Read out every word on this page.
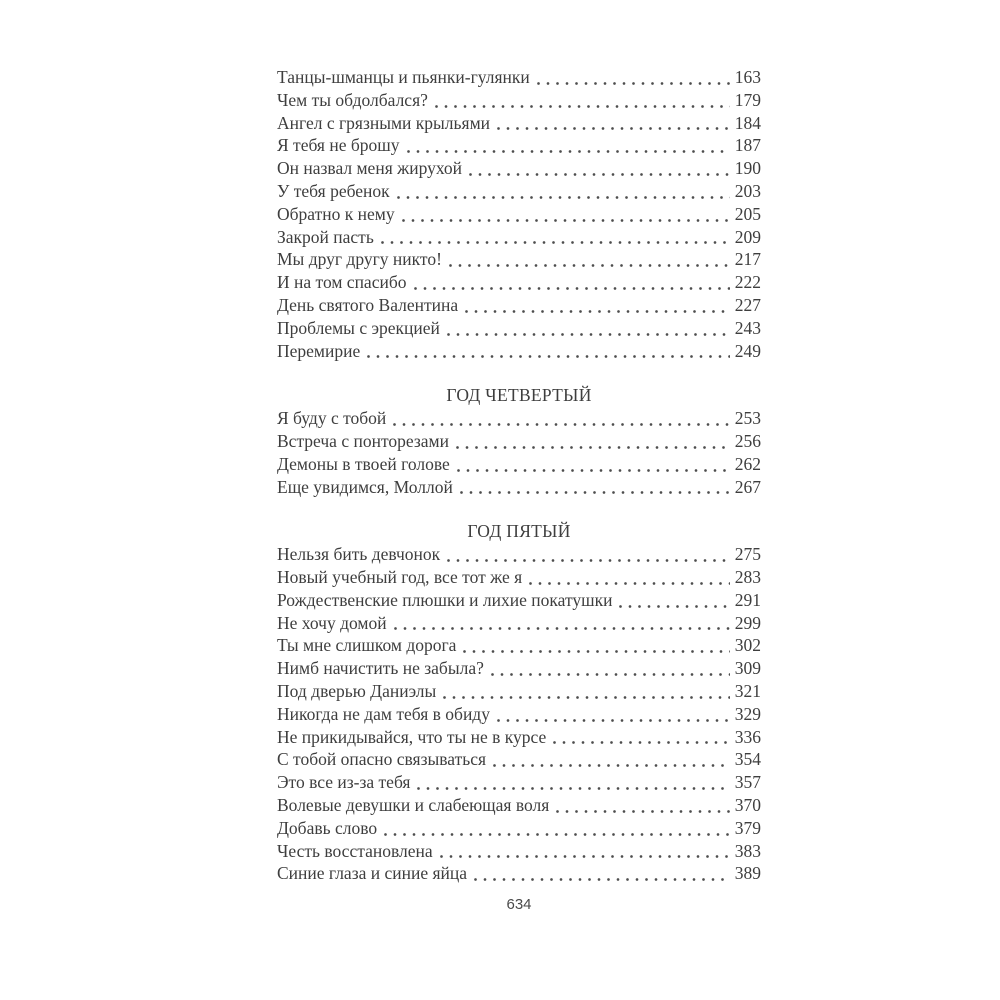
Танцы-шманцы и пьянки-гулянки	163
Чем ты обдолбался?	179
Ангел с грязными крыльями	184
Я тебя не брошу	187
Он назвал меня жирухой	190
У тебя ребенок	203
Обратно к нему	205
Закрой пасть	209
Мы друг другу никто!	217
И на том спасибо	222
День святого Валентина	227
Проблемы с эрекцией	243
Перемирие	249
ГОД ЧЕТВЕРТЫЙ
Я буду с тобой	253
Встреча с понторезами	256
Демоны в твоей голове	262
Еще увидимся, Моллой	267
ГОД ПЯТЫЙ
Нельзя бить девчонок	275
Новый учебный год, все тот же я	283
Рождественские плюшки и лихие покатушки	291
Не хочу домой	299
Ты мне слишком дорога	302
Нимб начистить не забыла?	309
Под дверью Даниэлы	321
Никогда не дам тебя в обиду	329
Не прикидывайся, что ты не в курсе	336
С тобой опасно связываться	354
Это все из-за тебя	357
Волевые девушки и слабеющая воля	370
Добавь слово	379
Честь восстановлена	383
Синие глаза и синие яйца	389
634
